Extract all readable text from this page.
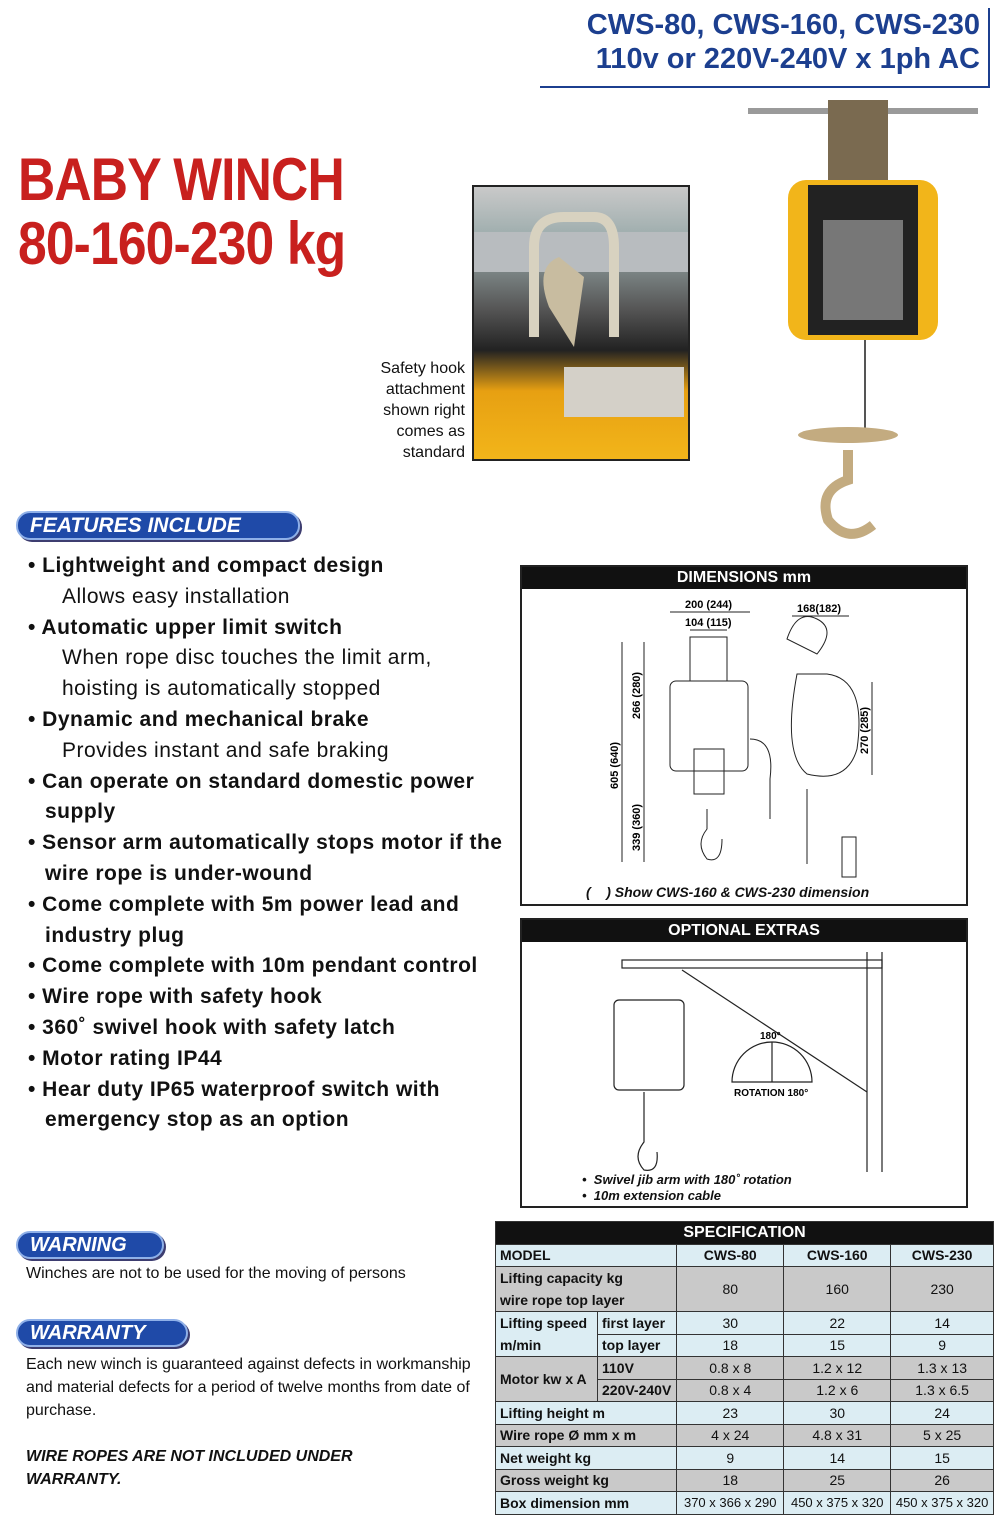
CWS-80, CWS-160, CWS-230
110v or 220V-240V x 1ph AC
BABY WINCH
80-160-230 kg
Safety hook
attachment
shown right
comes as
standard
FEATURES INCLUDE
• Lightweight and compact design
Allows easy installation
• Automatic upper limit switch
When rope disc touches the limit arm, hoisting is automatically stopped
• Dynamic and mechanical brake
Provides instant and safe braking
• Can operate on standard domestic power supply
• Sensor arm automatically stops motor if the wire rope is under-wound
• Come complete with 5m power lead and industry plug
• Come complete with 10m pendant control
• Wire rope with safety hook
• 360˚ swivel hook with safety latch
• Motor rating IP44
• Hear duty IP65 waterproof switch with emergency stop as an option
DIMENSIONS mm
200 (244)
104 (115)
168(182)
605 (640)
266 (280)
339 (360)
270 (285)
(    ) Show CWS-160 & CWS-230 dimension
OPTIONAL EXTRAS
180°
ROTATION 180°
•  Swivel jib arm with 180˚ rotation
•  10m extension cable
WARNING
Winches are not to be used for the moving of persons
WARRANTY
Each new winch is guaranteed against defects in workmanship and material defects for a period of twelve months from date of purchase.
WIRE ROPES ARE NOT INCLUDED UNDER WARRANTY.
SPECIFICATION				
MODEL		CWS-80	CWS-160	CWS-230

Lifting capacity kg
wire rope top layer		80	160	230

Lifting speed
m/min	first layer	30	22	14
	top layer	18	15	9
Motor kw x A	110V	0.8 x 8	1.2 x 12	1.3 x 13
	220V-240V	0.8 x 4	1.2 x 6	1.3 x 6.5
Lifting height m		23	30	24
Wire rope Ø mm x m		4 x 24	4.8 x 31	5 x 25
Net weight kg		9	14	15
Gross weight kg		18	25	26
Box dimension mm		370 x 366 x 290	450 x 375 x 320	450 x 375 x 320
